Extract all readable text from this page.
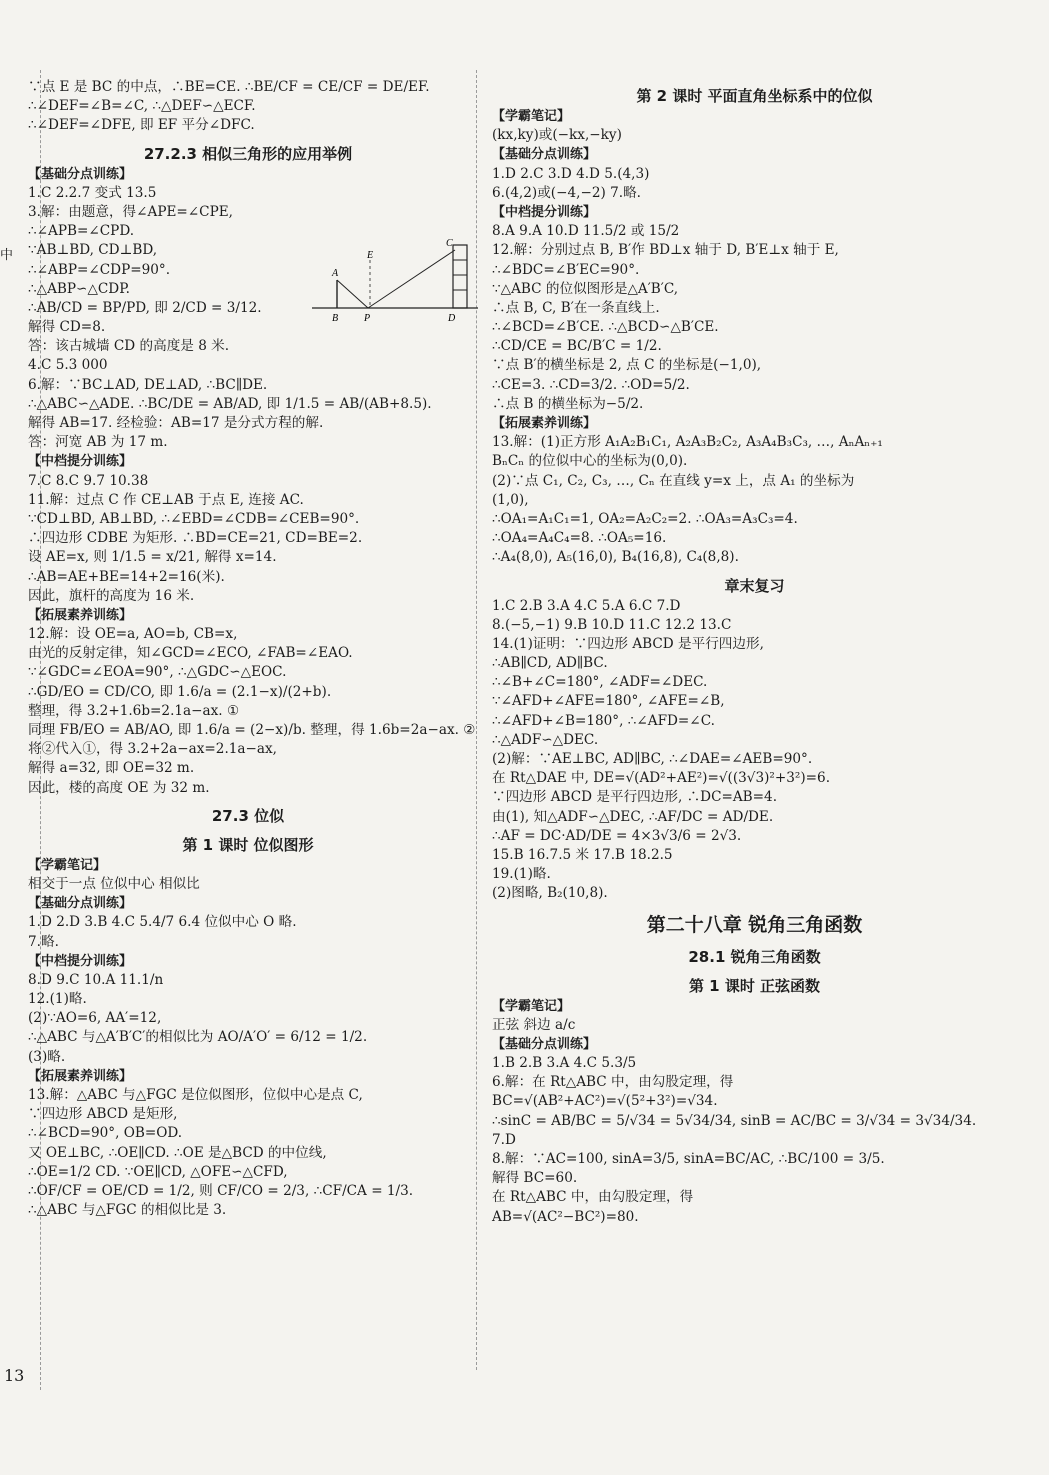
中
13
∵点 E 是 BC 的中点，∴BE=CE. ∴BE/CF = CE/CF = DE/EF.
∴∠DEF=∠B=∠C, ∴△DEF∽△ECF.
∴∠DEF=∠DFE, 即 EF 平分∠DFC.
27.2.3 相似三角形的应用举例
【基础分点训练】
1.C 2.2.7 变式 13.5
3.解：由题意，得∠APE=∠CPE,
∴∠APB=∠CPD.
∵AB⊥BD, CD⊥BD,
∴∠ABP=∠CDP=90°.
∴△ABP∽△CDP.
∴AB/CD = BP/PD, 即 2/CD = 3/12.
解得 CD=8.
答：该古城墙 CD 的高度是 8 米.
4.C 5.3 000
6.解：∵BC⊥AD, DE⊥AD, ∴BC∥DE.
∴△ABC∽△ADE. ∴BC/DE = AB/AD, 即 1/1.5 = AB/(AB+8.5).
解得 AB=17. 经检验：AB=17 是分式方程的解.
答：河宽 AB 为 17 m.
【中档提分训练】
7.C 8.C 9.7 10.38
11.解：过点 C 作 CE⊥AB 于点 E, 连接 AC.
∵CD⊥BD, AB⊥BD, ∴∠EBD=∠CDB=∠CEB=90°.
∴四边形 CDBE 为矩形. ∴BD=CE=21, CD=BE=2.
设 AE=x, 则 1/1.5 = x/21, 解得 x=14.
∴AB=AE+BE=14+2=16(米).
因此，旗杆的高度为 16 米.
【拓展素养训练】
12.解：设 OE=a, AO=b, CB=x,
由光的反射定律，知∠GCD=∠ECO, ∠FAB=∠EAO.
∵∠GDC=∠EOA=90°, ∴△GDC∽△EOC.
∴GD/EO = CD/CO, 即 1.6/a = (2.1−x)/(2+b).
整理，得 3.2+1.6b=2.1a−ax. ①
同理 FB/EO = AB/AO, 即 1.6/a = (2−x)/b. 整理，得 1.6b=2a−ax. ②
将②代入①，得 3.2+2a−ax=2.1a−ax,
解得 a=32, 即 OE=32 m.
因此，楼的高度 OE 为 32 m.
27.3 位似
第 1 课时 位似图形
【学霸笔记】
相交于一点 位似中心 相似比
【基础分点训练】
1.D 2.D 3.B 4.C 5.4/7 6.4 位似中心 O 略.
7.略.
【中档提分训练】
8.D 9.C 10.A 11.1/n
12.(1)略.
(2)∵AO=6, AA′=12,
∴△ABC 与△A′B′C′的相似比为 AO/A′O′ = 6/12 = 1/2.
(3)略.
【拓展素养训练】
13.解：△ABC 与△FGC 是位似图形，位似中心是点 C,
∵四边形 ABCD 是矩形,
∴∠BCD=90°, OB=OD.
又 OE⊥BC, ∴OE∥CD. ∴OE 是△BCD 的中位线,
∴OE=1/2 CD. ∵OE∥CD, △OFE∽△CFD,
∴OF/CF = OE/CD = 1/2, 则 CF/CO = 2/3, ∴CF/CA = 1/3.
∴△ABC 与△FGC 的相似比是 3.
第 2 课时 平面直角坐标系中的位似
【学霸笔记】
(kx,ky)或(−kx,−ky)
【基础分点训练】
1.D 2.C 3.D 4.D 5.(4,3)
6.(4,2)或(−4,−2) 7.略.
【中档提分训练】
8.A 9.A 10.D 11.5/2 或 15/2
12.解：分别过点 B, B′作 BD⊥x 轴于 D, B′E⊥x 轴于 E,
∴∠BDC=∠B′EC=90°.
∵△ABC 的位似图形是△A′B′C,
∴点 B, C, B′在一条直线上.
∴∠BCD=∠B′CE. ∴△BCD∽△B′CE.
∴CD/CE = BC/B′C = 1/2.
∵点 B′的横坐标是 2, 点 C 的坐标是(−1,0),
∴CE=3. ∴CD=3/2. ∴OD=5/2.
∴点 B 的横坐标为−5/2.
【拓展素养训练】
13.解：(1)正方形 A₁A₂B₁C₁, A₂A₃B₂C₂, A₃A₄B₃C₃, …, AₙAₙ₊₁
BₙCₙ 的位似中心的坐标为(0,0).
(2)∵点 C₁, C₂, C₃, …, Cₙ 在直线 y=x 上，点 A₁ 的坐标为
(1,0),
∴OA₁=A₁C₁=1, OA₂=A₂C₂=2. ∴OA₃=A₃C₃=4.
∴OA₄=A₄C₄=8. ∴OA₅=16.
∴A₄(8,0), A₅(16,0), B₄(16,8), C₄(8,8).
章末复习
1.C 2.B 3.A 4.C 5.A 6.C 7.D
8.(−5,−1) 9.B 10.D 11.C 12.2 13.C
14.(1)证明：∵四边形 ABCD 是平行四边形,
∴AB∥CD, AD∥BC.
∴∠B+∠C=180°, ∠ADF=∠DEC.
∵∠AFD+∠AFE=180°, ∠AFE=∠B,
∴∠AFD+∠B=180°, ∴∠AFD=∠C.
∴△ADF∽△DEC.
(2)解：∵AE⊥BC, AD∥BC, ∴∠DAE=∠AEB=90°.
在 Rt△DAE 中, DE=√(AD²+AE²)=√((3√3)²+3²)=6.
∵四边形 ABCD 是平行四边形, ∴DC=AB=4.
由(1), 知△ADF∽△DEC, ∴AF/DC = AD/DE.
∴AF = DC·AD/DE = 4×3√3/6 = 2√3.
15.B 16.7.5 米 17.B 18.2.5
19.(1)略.
(2)图略, B₂(10,8).
第二十八章 锐角三角函数
28.1 锐角三角函数
第 1 课时 正弦函数
【学霸笔记】
正弦 斜边 a/c
【基础分点训练】
1.B 2.B 3.A 4.C 5.3/5
6.解：在 Rt△ABC 中，由勾股定理，得
BC=√(AB²+AC²)=√(5²+3²)=√34.
∴sinC = AB/BC = 5/√34 = 5√34/34, sinB = AC/BC = 3/√34 = 3√34/34.
7.D
8.解：∵AC=100, sinA=3/5, sinA=BC/AC, ∴BC/100 = 3/5.
解得 BC=60.
在 Rt△ABC 中，由勾股定理，得
AB=√(AC²−BC²)=80.
A
B	P
E
C
D
